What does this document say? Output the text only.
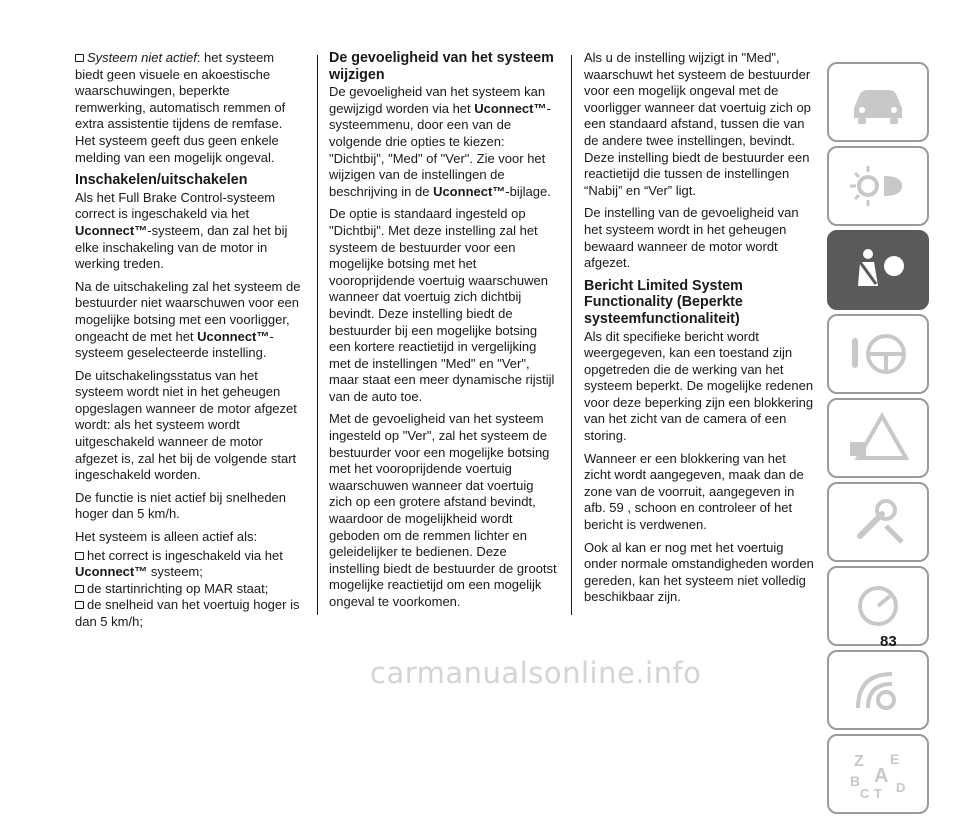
Systeem niet actief: het systeem biedt geen visuele en akoestische waarschuwingen, beperkte remwerking, automatisch remmen of extra assistentie tijdens de remfase. Het systeem geeft dus geen enkele melding van een mogelijk ongeval.

Inschakelen/uitschakelen

Als het Full Brake Control-systeem correct is ingeschakeld via het Uconnect™-systeem, dan zal het bij elke inschakeling van de motor in werking treden.

Na de uitschakeling zal het systeem de bestuurder niet waarschuwen voor een mogelijke botsing met een voorligger, ongeacht de met het Uconnect™-systeem geselecteerde instelling.

De uitschakelingsstatus van het systeem wordt niet in het geheugen opgeslagen wanneer de motor afgezet wordt: als het systeem wordt uitgeschakeld wanneer de motor afgezet is, zal het bij de volgende start ingeschakeld worden.

De functie is niet actief bij snelheden hoger dan 5 km/h.

Het systeem is alleen actief als:

het correct is ingeschakeld via het Uconnect™ systeem;

de startinrichting op MAR staat;

de snelheid van het voertuig hoger is dan 5 km/h;

De gevoeligheid van het systeem wijzigen

De gevoeligheid van het systeem kan gewijzigd worden via het Uconnect™-systeemmenu, door een van de volgende drie opties te kiezen: "Dichtbij", "Med" of "Ver". Zie voor het wijzigen van de instellingen de beschrijving in de Uconnect™-bijlage.

De optie is standaard ingesteld op "Dichtbij". Met deze instelling zal het systeem de bestuurder voor een mogelijke botsing met het vooroprijdende voertuig waarschuwen wanneer dat voertuig zich dichtbij bevindt. Deze instelling biedt de bestuurder bij een mogelijke botsing een kortere reactietijd in vergelijking met de instellingen "Med" en "Ver", maar staat een meer dynamische rijstijl van de auto toe.

Met de gevoeligheid van het systeem ingesteld op "Ver", zal het systeem de bestuurder voor een mogelijke botsing met het vooroprijdende voertuig waarschuwen wanneer dat voertuig zich op een grotere afstand bevindt, waardoor de mogelijkheid wordt geboden om de remmen lichter en geleidelijker te bedienen. Deze instelling biedt de bestuurder de grootst mogelijke reactietijd om een mogelijk ongeval te voorkomen.

Als u de instelling wijzigt in "Med", waarschuwt het systeem de bestuurder voor een mogelijk ongeval met de voorligger wanneer dat voertuig zich op een standaard afstand, tussen die van de andere twee instellingen, bevindt. Deze instelling biedt de bestuurder een reactietijd die tussen de instellingen “Nabij” en “Ver” ligt.

De instelling van de gevoeligheid van het systeem wordt in het geheugen bewaard wanneer de motor wordt afgezet.

Bericht Limited System Functionality (Beperkte systeemfunctionaliteit)

Als dit specifieke bericht wordt weergegeven, kan een toestand zijn opgetreden die de werking van het systeem beperkt. De mogelijke redenen voor deze beperking zijn een blokkering van het zicht van de camera of een storing.

Wanneer er een blokkering van het zicht wordt aangegeven, maak dan de zone van de voorruit, aangegeven in afb. 59 , schoon en controleer of het bericht is verdwenen.

Ook al kan er nog met het voertuig onder normale omstandigheden worden gereden, kan het systeem niet volledig beschikbaar zijn.

Z E
B A
C T D
83
carmanualsonline.info
